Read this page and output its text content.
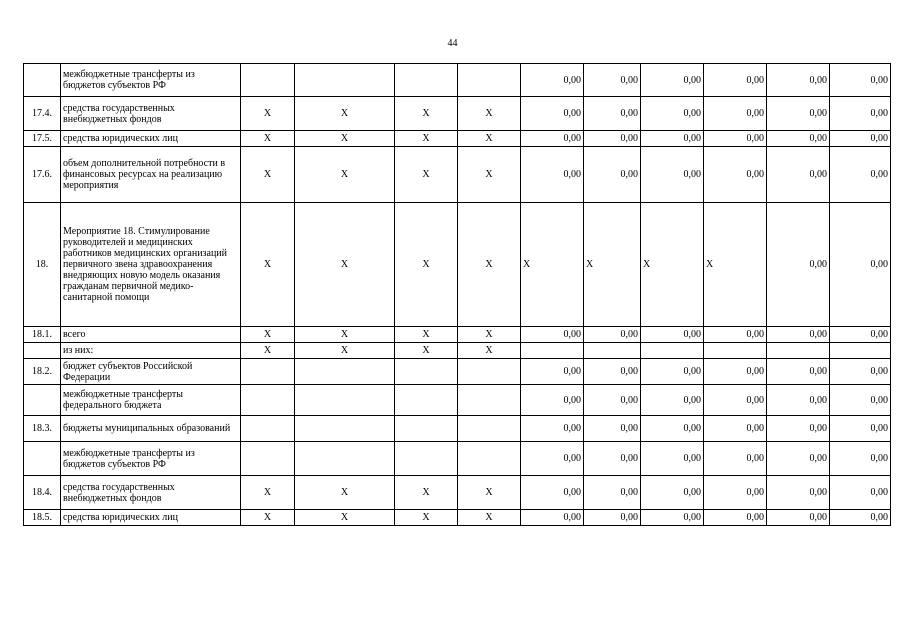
44
	межбюджетные трансферты из бюджетов субъектов РФ					0,00	0,00	0,00	0,00	0,00	0,00
17.4.	средства государственных внебюджетных фондов	X	X	X	X	0,00	0,00	0,00	0,00	0,00	0,00
17.5.	средства юридических лиц	X	X	X	X	0,00	0,00	0,00	0,00	0,00	0,00
17.6.	объем дополнительной потребности в финансовых ресурсах на реализацию мероприятия	X	X	X	X	0,00	0,00	0,00	0,00	0,00	0,00
18.	Мероприятие 18. Стимулирование руководителей и медицинских работников медицинских организаций первичного звена здравоохранения внедряющих новую модель оказания гражданам первичной медико-санитарной помощи	X	X	X	X	X	X	X	X	0,00	0,00
18.1.	всего	X	X	X	X	0,00	0,00	0,00	0,00	0,00	0,00
	из них:	X	X	X	X						
18.2.	бюджет субъектов Российской Федерации					0,00	0,00	0,00	0,00	0,00	0,00
	межбюджетные трансферты федерального бюджета					0,00	0,00	0,00	0,00	0,00	0,00
18.3.	бюджеты муниципальных образований					0,00	0,00	0,00	0,00	0,00	0,00
	межбюджетные трансферты из бюджетов субъектов РФ					0,00	0,00	0,00	0,00	0,00	0,00
18.4.	средства государственных внебюджетных фондов	X	X	X	X	0,00	0,00	0,00	0,00	0,00	0,00
18.5.	средства юридических лиц	X	X	X	X	0,00	0,00	0,00	0,00	0,00	0,00
